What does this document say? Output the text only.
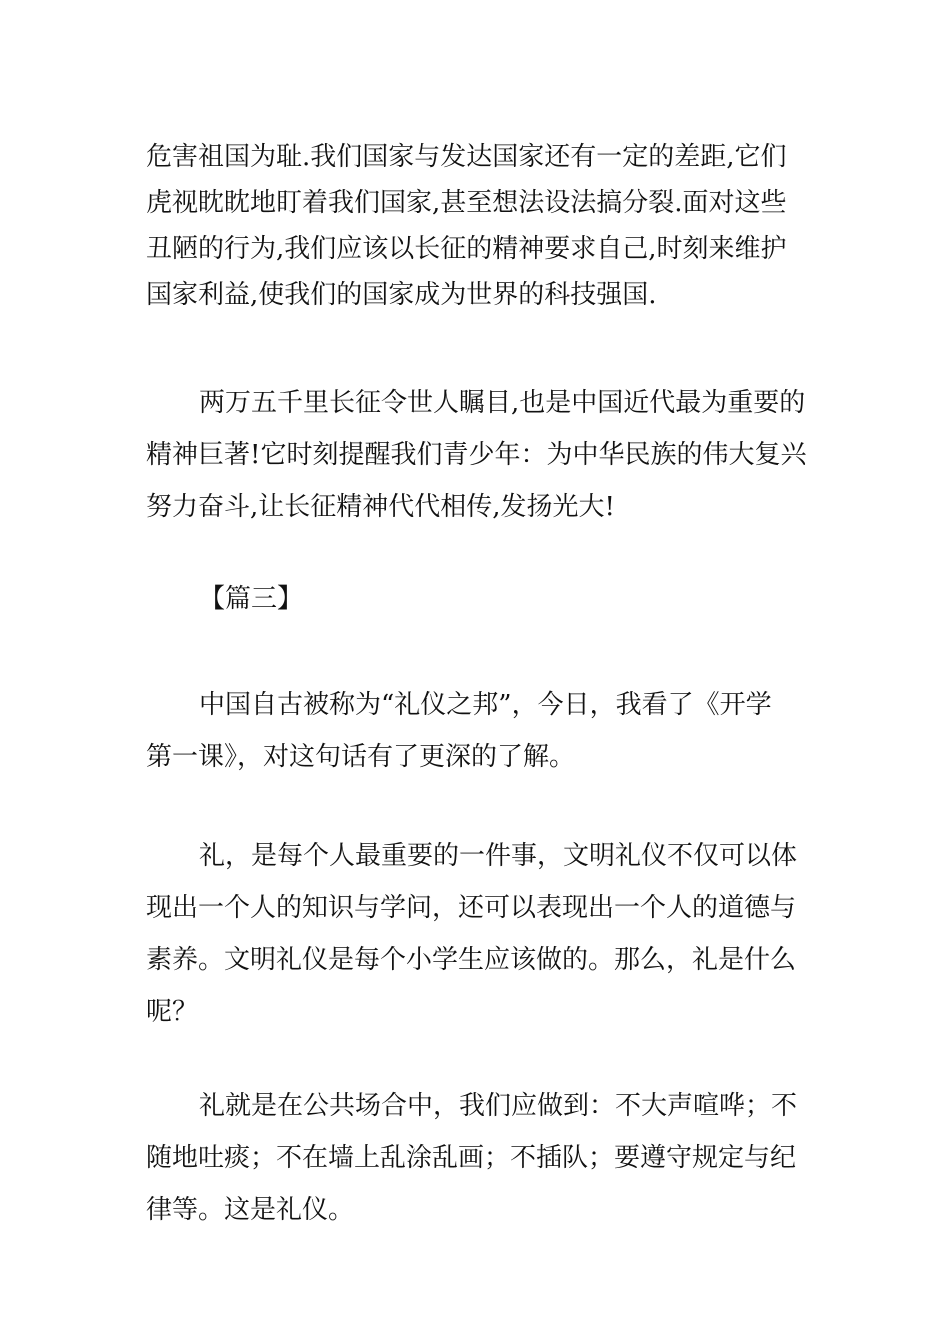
危害祖国为耻.我们国家与发达国家还有一定的差距,它们
虎视眈眈地盯着我们国家,甚至想法设法搞分裂.面对这些
丑陋的行为,我们应该以长征的精神要求自己,时刻来维护
国家利益,使我们的国家成为世界的科技强国.
两万五千里长征令世人瞩目,也是中国近代最为重要的
精神巨著!它时刻提醒我们青少年：为中华民族的伟大复兴
努力奋斗,让长征精神代代相传,发扬光大!
【篇三】
中国自古被称为“礼仪之邦”，今日，我看了《开学
第一课》，对这句话有了更深的了解。
礼，是每个人最重要的一件事，文明礼仪不仅可以体
现出一个人的知识与学问，还可以表现出一个人的道德与
素养。文明礼仪是每个小学生应该做的。那么，礼是什么
呢？
礼就是在公共场合中，我们应做到：不大声喧哗；不
随地吐痰；不在墙上乱涂乱画；不插队；要遵守规定与纪
律等。这是礼仪。
